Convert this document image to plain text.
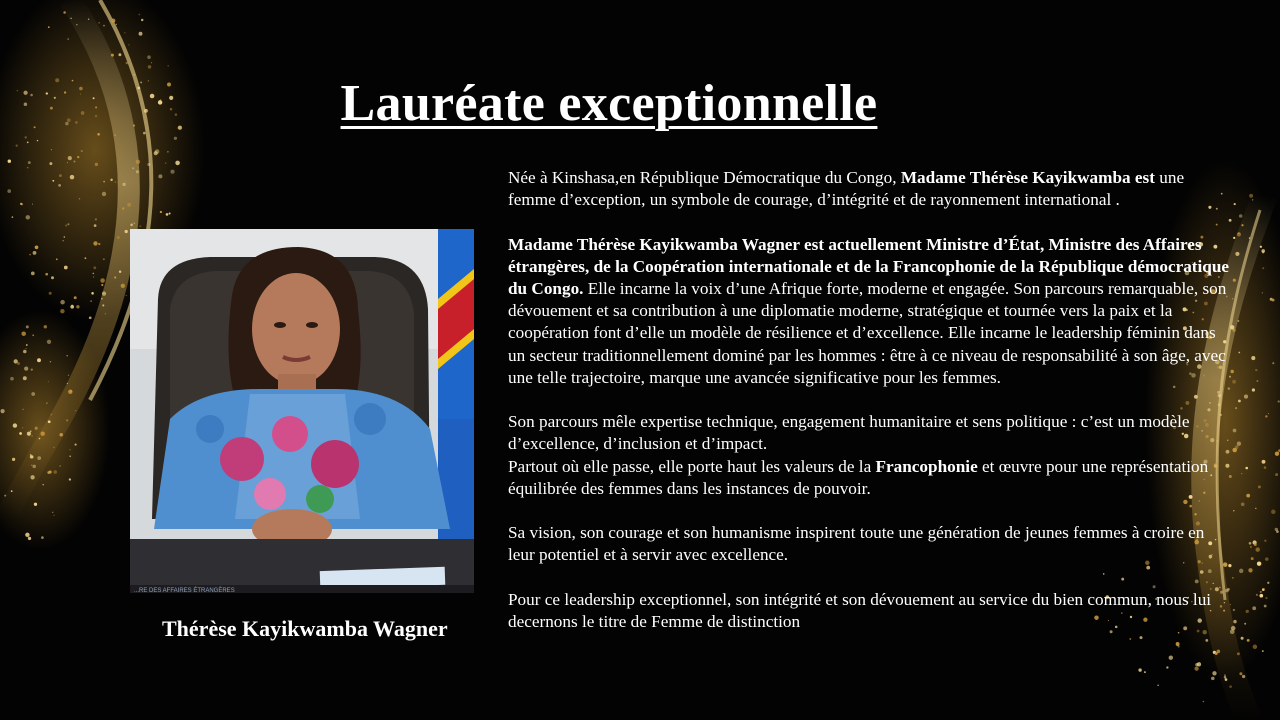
Lauréate exceptionnelle
...RE DES AFFAIRES ÉTRANGÈRES
Thérèse Kayikwamba Wagner

Née à Kinshasa,en République Démocratique du Congo, Madame Thérèse Kayikwamba est une femme d’exception, un symbole de courage, d’intégrité et de rayonnement international .

Madame Thérèse Kayikwamba Wagner est actuellement Ministre d’État, Ministre des Affaires étrangères, de la Coopération internationale et de la Francophonie de la République démocratique du Congo. Elle incarne la voix d’une Afrique forte, moderne et engagée. Son parcours remarquable, son dévouement et sa contribution à une diplomatie moderne, stratégique et tournée vers la paix et la coopération font d’elle un modèle de résilience et d’excellence. Elle incarne le leadership féminin dans un secteur traditionnellement dominé par les hommes : être à ce niveau de responsabilité à son âge, avec une telle trajectoire, marque une avancée significative pour les femmes.

Son parcours mêle expertise technique, engagement humanitaire et sens politique : c’est un modèle d’excellence, d’inclusion et d’impact.

Partout où elle passe, elle porte haut les valeurs de la Francophonie et œuvre pour une représentation équilibrée des femmes dans les instances de pouvoir.

Sa vision, son courage et son humanisme inspirent toute une génération de jeunes femmes à croire en leur potentiel et à servir avec excellence.

Pour ce leadership exceptionnel, son intégrité et son dévouement au service du bien commun, nous lui decernons le titre de Femme de distinction
